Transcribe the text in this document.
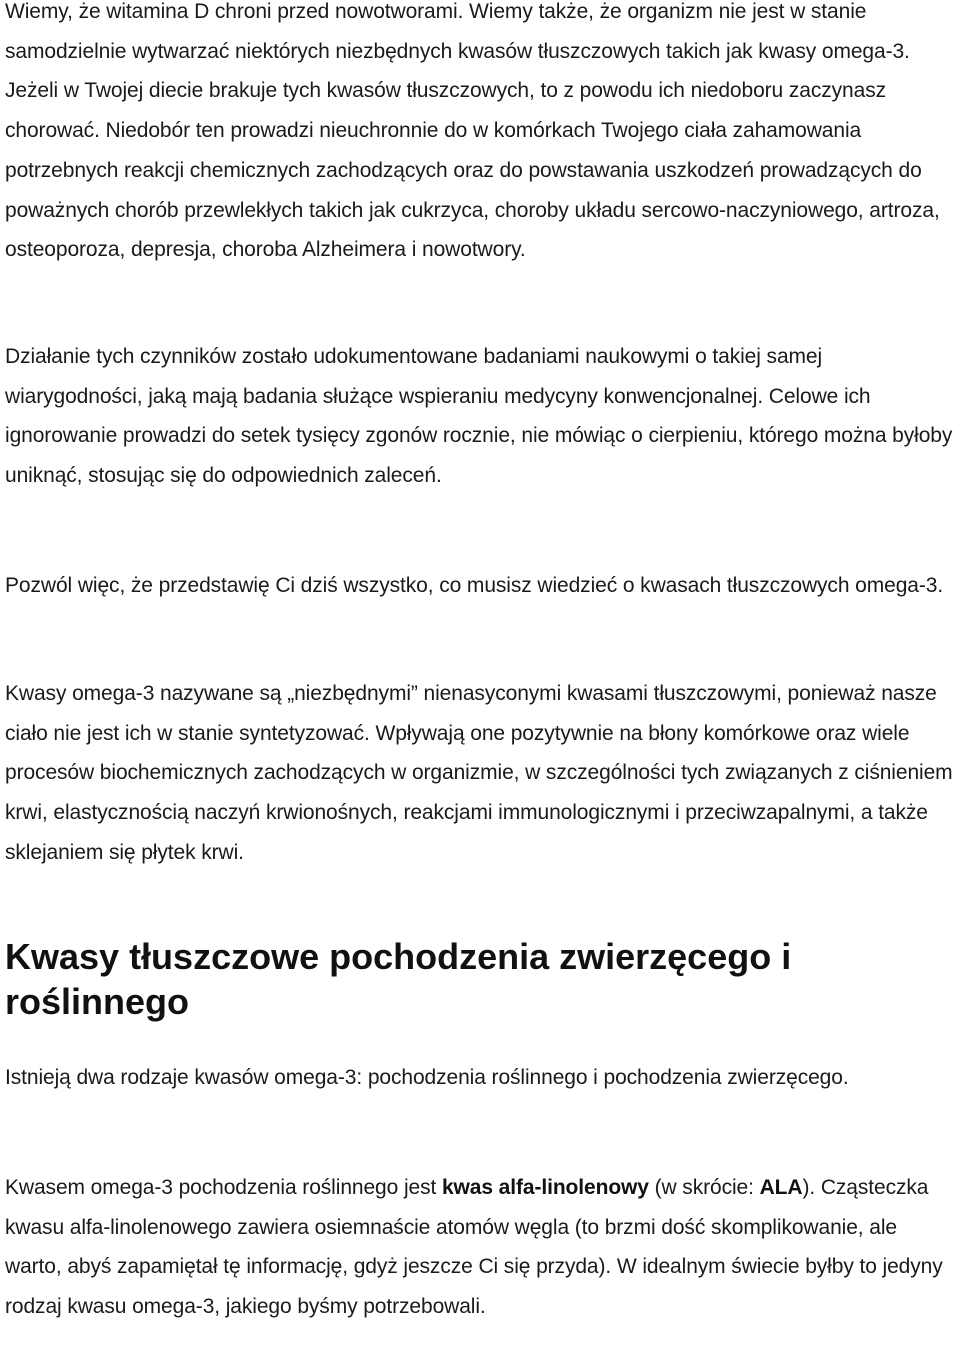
Wiemy, że witamina D chroni przed nowotworami. Wiemy także, że organizm nie jest w stanie samodzielnie wytwarzać niektórych niezbędnych kwasów tłuszczowych takich jak kwasy omega-3. Jeżeli w Twojej diecie brakuje tych kwasów tłuszczowych, to z powodu ich niedoboru zaczynasz chorować. Niedobór ten prowadzi nieuchronnie do w komórkach Twojego ciała zahamowania potrzebnych reakcji chemicznych zachodzących oraz do powstawania uszkodzeń prowadzących do poważnych chorób przewlekłych takich jak cukrzyca, choroby układu sercowo-naczyniowego, artroza, osteoporoza, depresja, choroba Alzheimera i nowotwory.

Działanie tych czynników zostało udokumentowane badaniami naukowymi o takiej samej wiarygodności, jaką mają badania służące wspieraniu medycyny konwencjonalnej. Celowe ich ignorowanie prowadzi do setek tysięcy zgonów rocznie, nie mówiąc o cierpieniu, którego można byłoby uniknąć, stosując się do odpowiednich zaleceń.

Pozwól więc, że przedstawię Ci dziś wszystko, co musisz wiedzieć o kwasach tłuszczowych omega-3.

Kwasy omega-3 nazywane są „niezbędnymi” nienasyconymi kwasami tłuszczowymi, ponieważ nasze ciało nie jest ich w stanie syntetyzować. Wpływają one pozytywnie na błony komórkowe oraz wiele procesów biochemicznych zachodzących w organizmie, w szczególności tych związanych z ciśnieniem krwi, elastycznością naczyń krwionośnych, reakcjami immunologicznymi i przeciwzapalnymi, a także sklejaniem się płytek krwi.

Kwasy tłuszczowe pochodzenia zwierzęcego i roślinnego

Istnieją dwa rodzaje kwasów omega-3: pochodzenia roślinnego i pochodzenia zwierzęcego.

Kwasem omega-3 pochodzenia roślinnego jest kwas alfa-linolenowy (w skrócie: ALA). Cząsteczka kwasu alfa-linolenowego zawiera osiemnaście atomów węgla (to brzmi dość skomplikowanie, ale warto, abyś zapamiętał tę informację, gdyż jeszcze Ci się przyda). W idealnym świecie byłby to jedyny rodzaj kwasu omega-3, jakiego byśmy potrzebowali.
